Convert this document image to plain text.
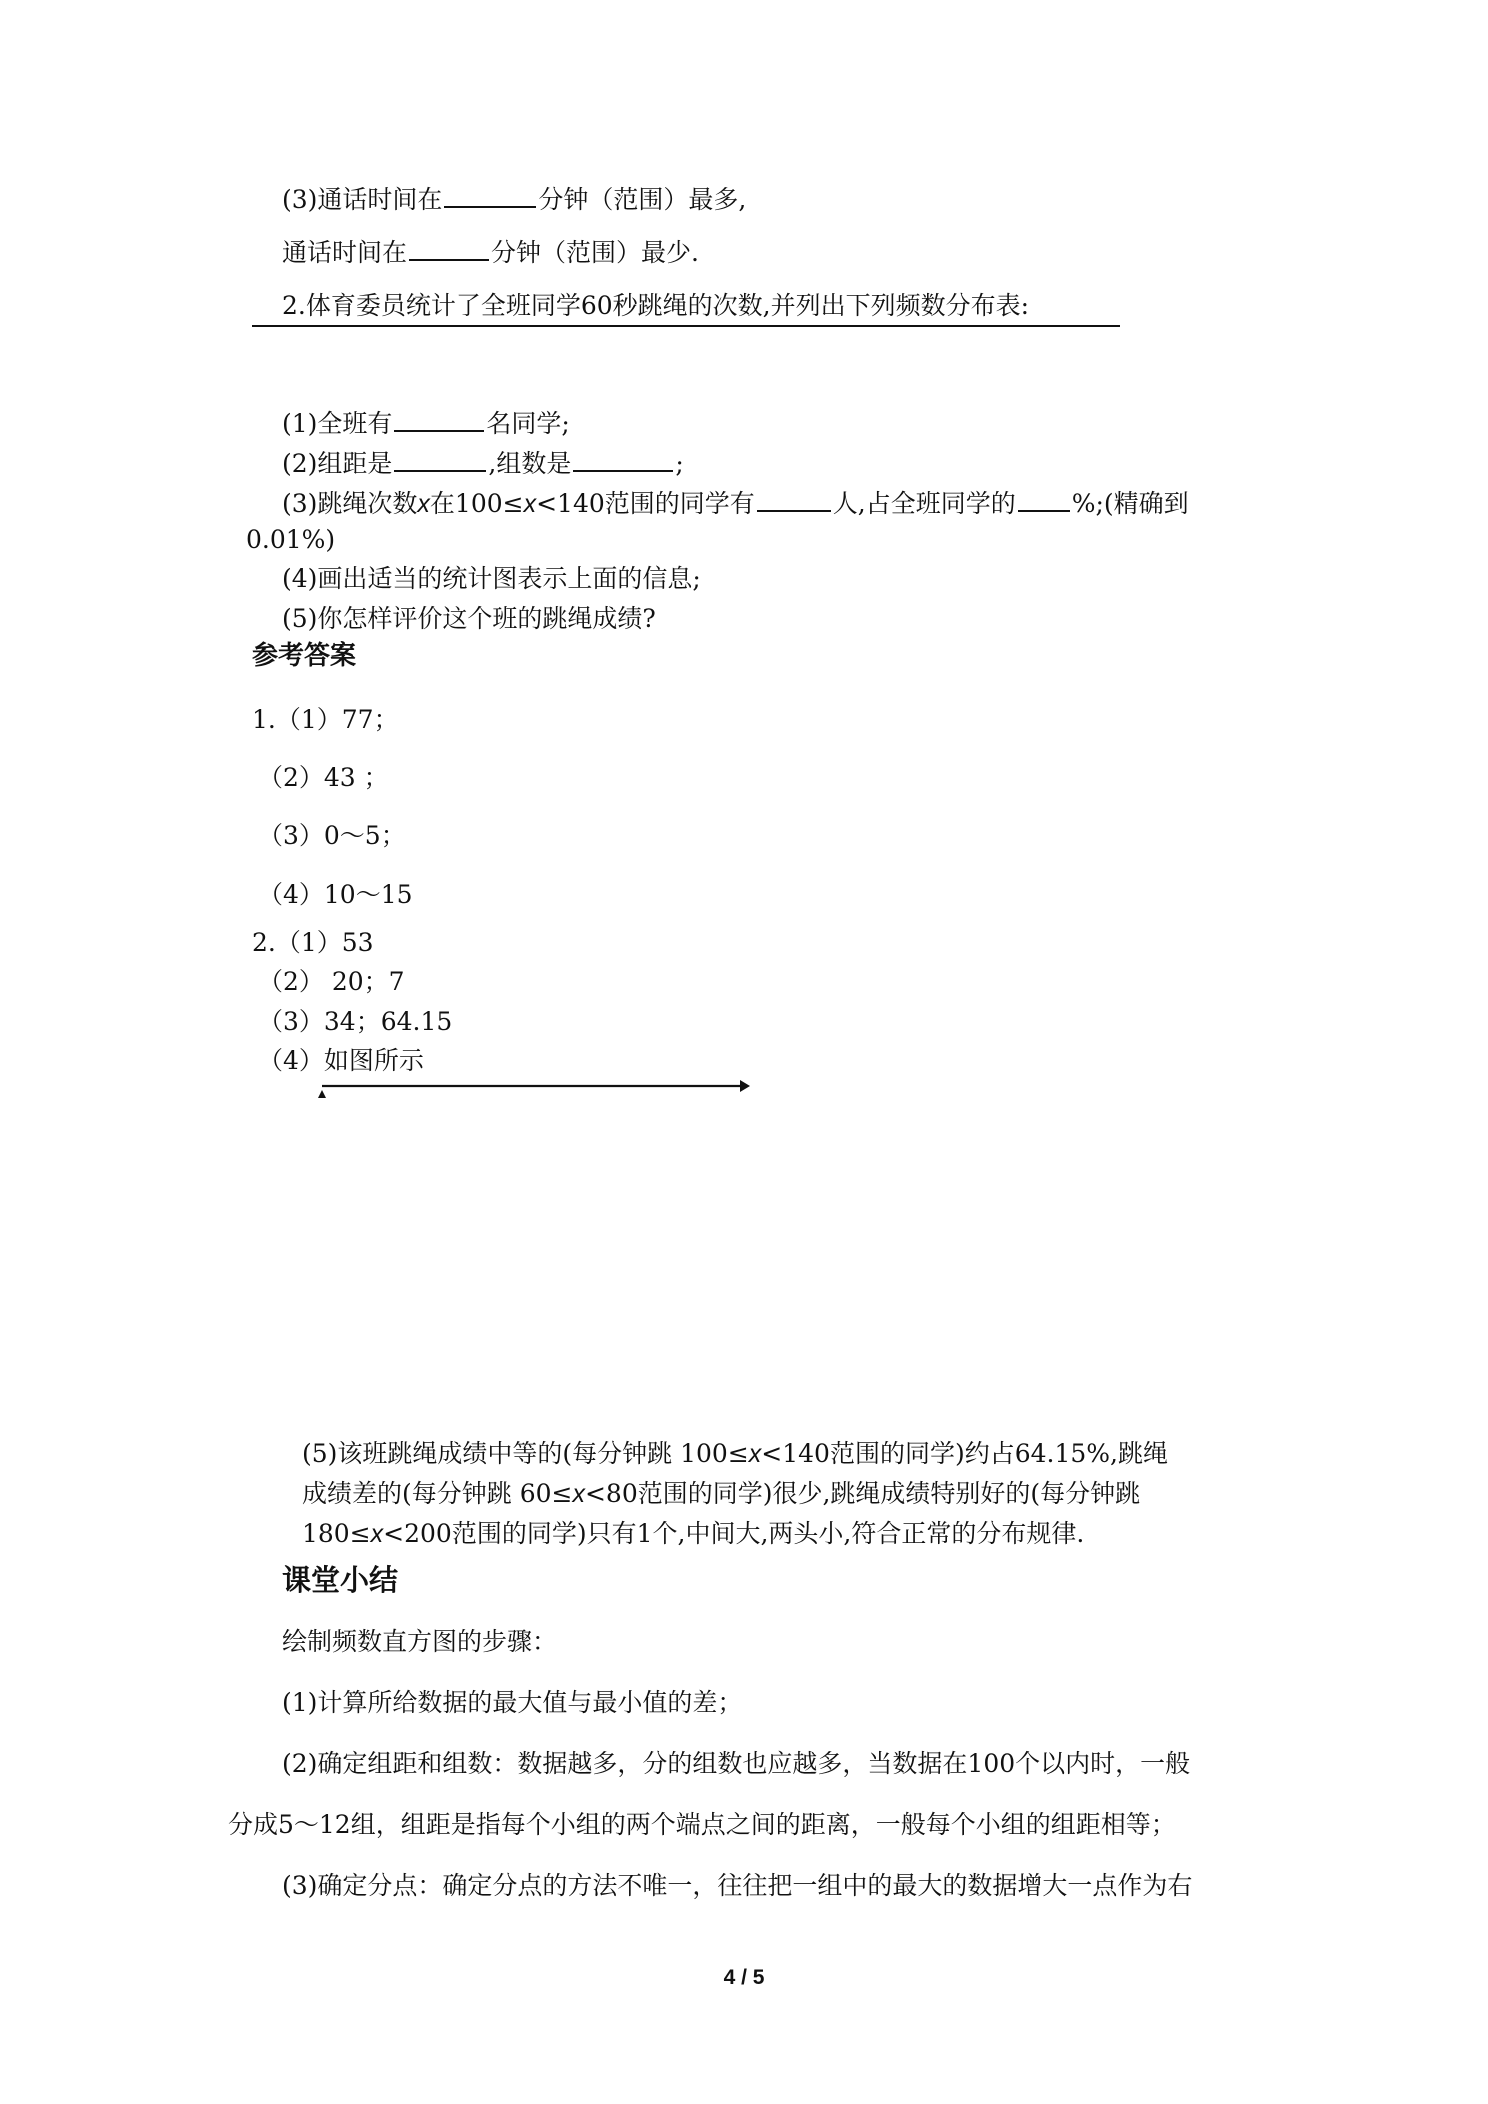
(3)通话时间在	分钟（范围）最多,
通话时间在	分钟（范围）最少.
2.体育委员统计了全班同学60秒跳绳的次数,并列出下列频数分布表:
(1)全班有	名同学;
(2)组距是	,组数是	;
(3)跳绳次数x在100≤x<140范围的同学有	人,占全班同学的 %;(精确到
0.01%)
(4)画出适当的统计图表示上面的信息;
(5)你怎样评价这个班的跳绳成绩?
参考答案
1.（1）77；
（2）43 ；
（3）0～5；
（4）10～15
2.（1）53
（2） 20；7
（3）34；64.15
（4）如图所示
(5)该班跳绳成绩中等的(每分钟跳 100≤x<140范围的同学)约占64.15%,跳绳
成绩差的(每分钟跳 60≤x<80范围的同学)很少,跳绳成绩特别好的(每分钟跳
180≤x<200范围的同学)只有1个,中间大,两头小,符合正常的分布规律.
课堂小结
绘制频数直方图的步骤：
(1)计算所给数据的最大值与最小值的差；
(2)确定组距和组数：数据越多，分的组数也应越多，当数据在100个以内时，一般
分成5～12组，组距是指每个小组的两个端点之间的距离，一般每个小组的组距相等；
(3)确定分点：确定分点的方法不唯一，往往把一组中的最大的数据增大一点作为右
4 / 5
